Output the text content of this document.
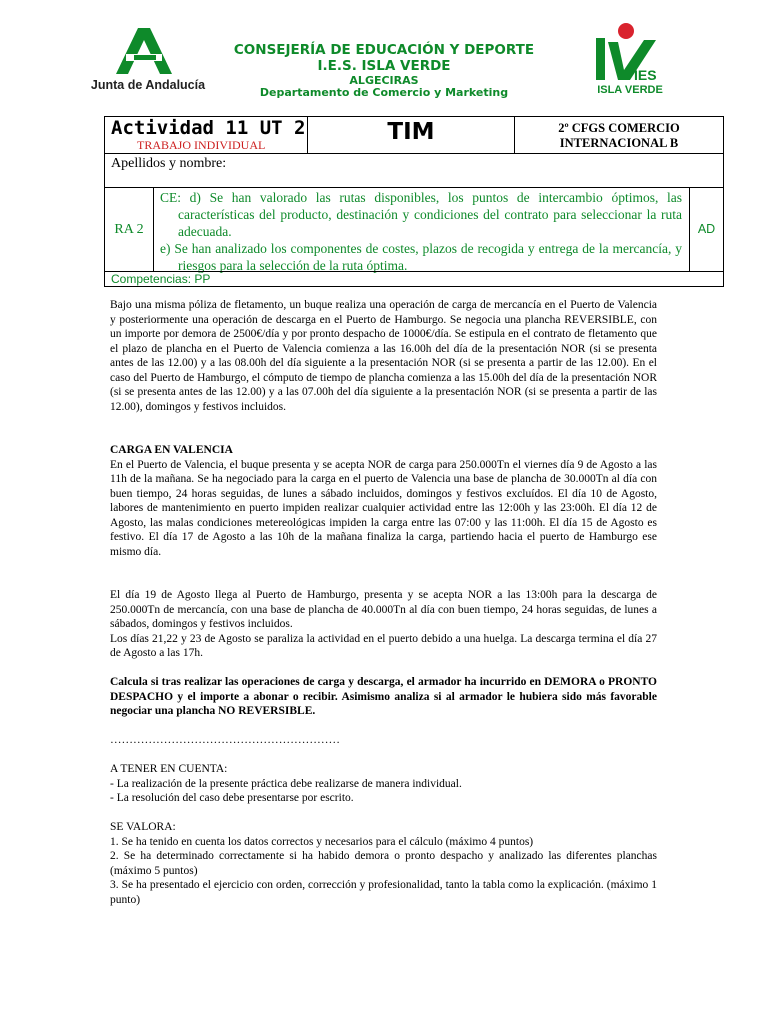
Junta de Andalucía
CONSEJERÍA DE EDUCACIÓN Y DEPORTE
I.E.S. ISLA VERDE
ALGECIRAS
Departamento de Comercio y Marketing
IES
ISLA VERDE
Actividad 11 UT 2
TRABAJO INDIVIDUAL	TIM	2º CFGS COMERCIO INTERNACIONAL B
Apellidos y nombre:
RA 2

CE: d) Se han valorado las rutas disponibles, los puntos de intercambio óptimos, las características del producto, destinación y condiciones del contrato para seleccionar la ruta adecuada.

e) Se han analizado los componentes de costes, plazos de recogida y entrega de la mercancía, y riesgos para la selección de la ruta óptima.

AD
Competencias: PP

Bajo una misma póliza de fletamento, un buque realiza una operación de carga de mercancía en el Puerto de Valencia y posteriormente una operación de descarga en el Puerto de Hamburgo. Se negocia una plancha REVERSIBLE, con un importe por demora de 2500€/día y por pronto despacho de 1000€/día. Se estipula en el contrato de fletamento que el plazo de plancha en el Puerto de Valencia comienza a las 16.00h del día de la presentación NOR (si se presenta antes de las 12.00) y a las 08.00h del día siguiente a la presentación NOR (si se presenta a partir de las 12.00). En el caso del Puerto de Hamburgo, el cómputo de tiempo de plancha comienza a las 15.00h del día de la presentación NOR (si se presenta antes de las 12.00) y a las 07.00h del día siguiente a la presentación NOR (si se presenta a partir de las 12.00), domingos y festivos incluidos.

CARGA EN VALENCIA

En el Puerto de Valencia, el buque presenta y se acepta NOR de carga para 250.000Tn el viernes día 9 de Agosto a las 11h de la mañana. Se ha negociado para la carga en el puerto de Valencia una base de plancha de 30.000Tn al día con buen tiempo, 24 horas seguidas, de lunes a sábado incluidos, domingos y festivos excluídos. El día 10 de Agosto, labores de mantenimiento en puerto impiden realizar cualquier actividad entre las 12:00h y las 23:00h. El día 12 de Agosto, las malas condiciones metereológicas impiden la carga entre las 07:00 y las 11:00h. El día 15 de Agosto es festivo. El día 17 de Agosto a las 10h de la mañana finaliza la carga, partiendo hacia el puerto de Hamburgo ese mismo día.

El día 19 de Agosto llega al Puerto de Hamburgo, presenta y se acepta NOR a las 13:00h para la descarga de 250.000Tn de mercancía, con una base de plancha de 40.000Tn al día con buen tiempo, 24 horas seguidas, de lunes a sábados, domingos y festivos incluidos.

Los días 21,22 y 23 de Agosto se paraliza la actividad en el puerto debido a una huelga. La descarga termina el día 27 de Agosto a las 17h.

Calcula si tras realizar las operaciones de carga y descarga, el armador ha incurrido en DEMORA o PRONTO DESPACHO y el importe a abonar o recibir. Asimismo analiza si al armador le hubiera sido más favorable negociar una plancha NO REVERSIBLE.

……………………………………………………

A TENER EN CUENTA:

- La realización de la presente práctica debe realizarse de manera individual.

- La resolución del caso debe presentarse por escrito.

SE VALORA:

1. Se ha tenido en cuenta los datos correctos y necesarios para el cálculo (máximo 4 puntos)

2. Se ha determinado correctamente si ha habido demora o pronto despacho y analizado las diferentes planchas (máximo 5 puntos)

3. Se ha presentado el ejercicio con orden, corrección y profesionalidad, tanto la tabla como la explicación. (máximo 1 punto)
